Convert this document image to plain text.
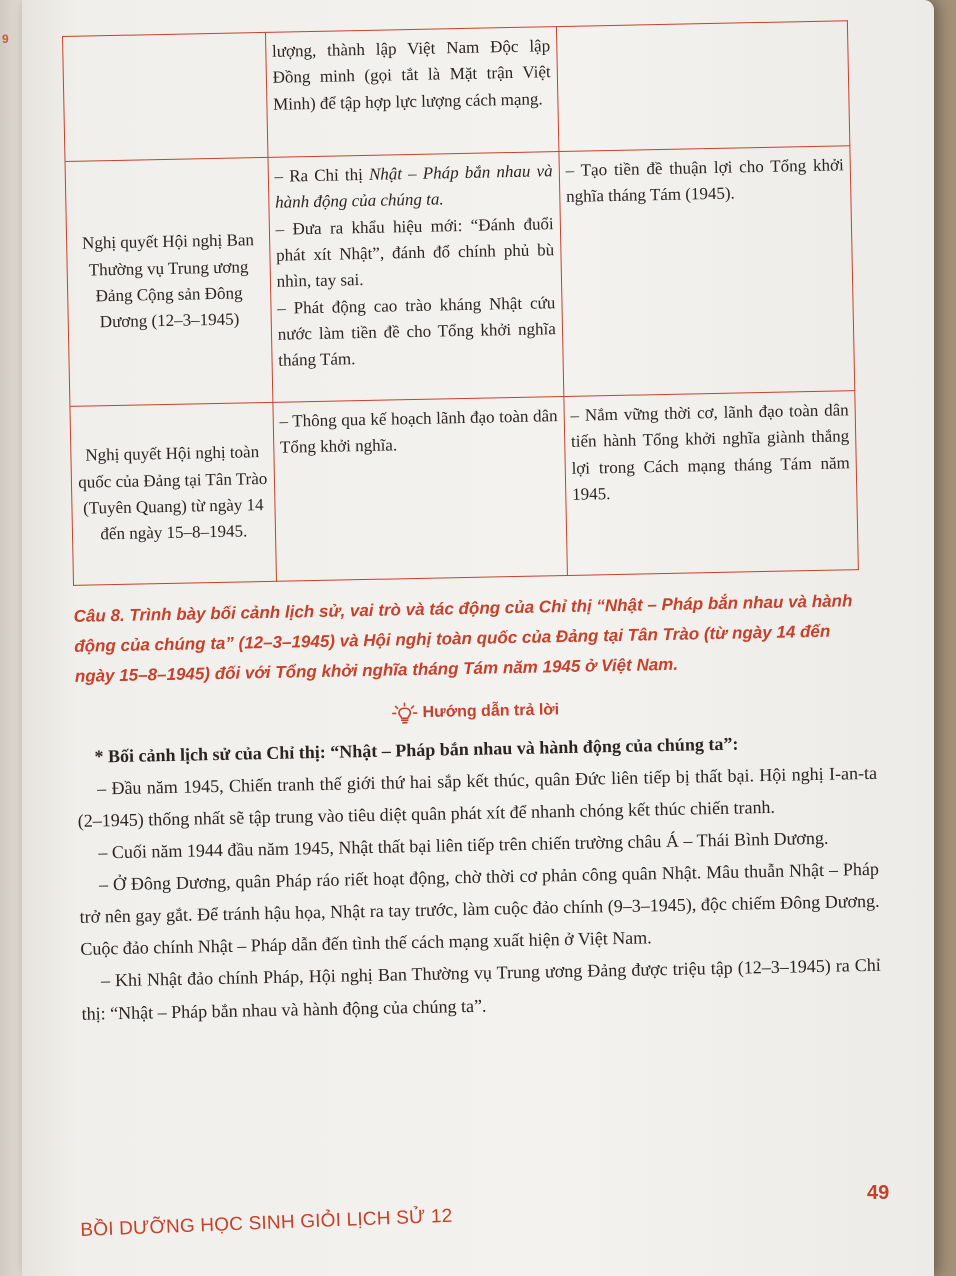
9
		lượng, thành lập Việt Nam Độc lập Đồng minh (gọi tắt là Mặt trận Việt Minh) để tập hợp lực lượng cách mạng.	
Nghị quyết Hội nghị Ban Thường vụ Trung ương Đảng Cộng sản Đông Dương (12–3–1945)	– Ra Chỉ thị Nhật – Pháp bắn nhau và hành động của chúng ta.
– Đưa ra khẩu hiệu mới: “Đánh đuổi phát xít Nhật”, đánh đổ chính phủ bù nhìn, tay sai.
– Phát động cao trào kháng Nhật cứu nước làm tiền đề cho Tổng khởi nghĩa tháng Tám.	– Tạo tiền đề thuận lợi cho Tổng khởi nghĩa tháng Tám (1945).
Nghị quyết Hội nghị toàn quốc của Đảng tại Tân Trào (Tuyên Quang) từ ngày 14 đến ngày 15–8–1945.	– Thông qua kế hoạch lãnh đạo toàn dân Tổng khởi nghĩa.	– Nắm vững thời cơ, lãnh đạo toàn dân tiến hành Tổng khởi nghĩa giành thắng lợi trong Cách mạng tháng Tám năm 1945.
Câu 8. Trình bày bối cảnh lịch sử, vai trò và tác động của Chỉ thị “Nhật – Pháp bắn nhau và hành động của chúng ta” (12–3–1945) và Hội nghị toàn quốc của Đảng tại Tân Trào (từ ngày 14 đến ngày 15–8–1945) đối với Tổng khởi nghĩa tháng Tám năm 1945 ở Việt Nam.
Hướng dẫn trả lời
* Bối cảnh lịch sử của Chỉ thị: “Nhật – Pháp bắn nhau và hành động của chúng ta”:

– Đầu năm 1945, Chiến tranh thế giới thứ hai sắp kết thúc, quân Đức liên tiếp bị thất bại. Hội nghị I-an-ta (2–1945) thống nhất sẽ tập trung vào tiêu diệt quân phát xít để nhanh chóng kết thúc chiến tranh.

– Cuối năm 1944 đầu năm 1945, Nhật thất bại liên tiếp trên chiến trường châu Á – Thái Bình Dương.

– Ở Đông Dương, quân Pháp ráo riết hoạt động, chờ thời cơ phản công quân Nhật. Mâu thuẫn Nhật – Pháp trở nên gay gắt. Để tránh hậu họa, Nhật ra tay trước, làm cuộc đảo chính (9–3–1945), độc chiếm Đông Dương. Cuộc đảo chính Nhật – Pháp dẫn đến tình thế cách mạng xuất hiện ở Việt Nam.

– Khi Nhật đảo chính Pháp, Hội nghị Ban Thường vụ Trung ương Đảng được triệu tập (12–3–1945) ra Chỉ thị: “Nhật – Pháp bắn nhau và hành động của chúng ta”.

49
BỒI DƯỠNG HỌC SINH GIỎI LỊCH SỬ 12
